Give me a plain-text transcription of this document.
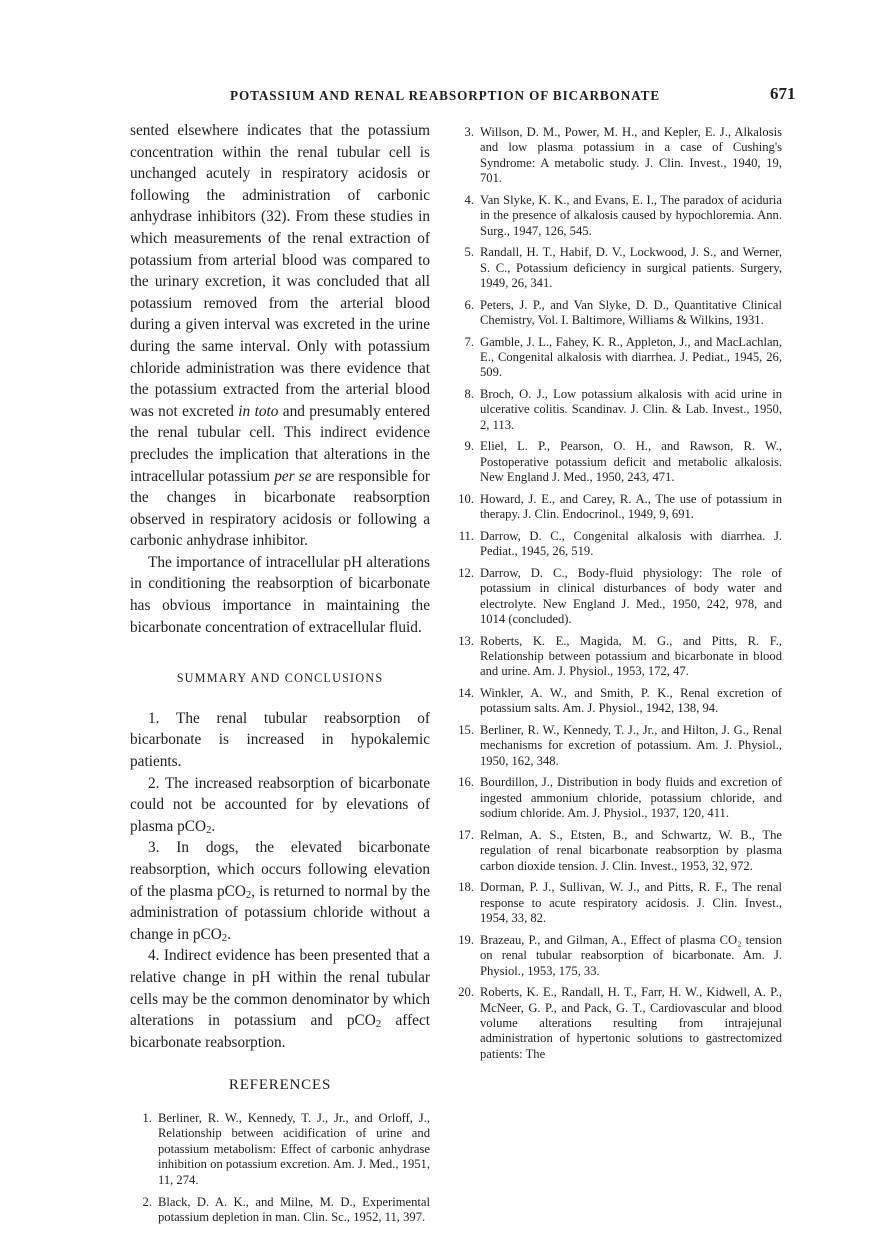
POTASSIUM AND RENAL REABSORPTION OF BICARBONATE	671

sented elsewhere indicates that the potassium concentration within the renal tubular cell is unchanged acutely in respiratory acidosis or following the administration of carbonic anhydrase inhibitors (32). From these studies in which measurements of the renal extraction of potassium from arterial blood was compared to the urinary excretion, it was concluded that all potassium removed from the arterial blood during a given interval was excreted in the urine during the same interval. Only with potassium chloride administration was there evidence that the potassium extracted from the arterial blood was not excreted in toto and presumably entered the renal tubular cell. This indirect evidence precludes the implication that alterations in the intracellular potassium per se are responsible for the changes in bicarbonate reabsorption observed in respiratory acidosis or following a carbonic anhydrase inhibitor.

The importance of intracellular pH alterations in conditioning the reabsorption of bicarbonate has obvious importance in maintaining the bicarbonate concentration of extracellular fluid.

SUMMARY AND CONCLUSIONS

1. The renal tubular reabsorption of bicarbonate is increased in hypokalemic patients.

2. The increased reabsorption of bicarbonate could not be accounted for by elevations of plasma pCO$_2$.

3. In dogs, the elevated bicarbonate reabsorption, which occurs following elevation of the plasma pCO$_2$, is returned to normal by the administration of potassium chloride without a change in pCO$_2$.

4. Indirect evidence has been presented that a relative change in pH within the renal tubular cells may be the common denominator by which alterations in potassium and pCO$_2$ affect bicarbonate reabsorption.

REFERENCES
1. Berliner, R. W., Kennedy, T. J., Jr., and Orloff, J., Relationship between acidification of urine and potassium metabolism: Effect of carbonic anhydrase inhibition on potassium excretion. Am. J. Med., 1951, 11, 274.
2. Black, D. A. K., and Milne, M. D., Experimental potassium depletion in man. Clin. Sc., 1952, 11, 397.
3. Willson, D. M., Power, M. H., and Kepler, E. J., Alkalosis and low plasma potassium in a case of Cushing's Syndrome: A metabolic study. J. Clin. Invest., 1940, 19, 701.
4. Van Slyke, K. K., and Evans, E. I., The paradox of aciduria in the presence of alkalosis caused by hypochloremia. Ann. Surg., 1947, 126, 545.
5. Randall, H. T., Habif, D. V., Lockwood, J. S., and Werner, S. C., Potassium deficiency in surgical patients. Surgery, 1949, 26, 341.
6. Peters, J. P., and Van Slyke, D. D., Quantitative Clinical Chemistry, Vol. I. Baltimore, Williams & Wilkins, 1931.
7. Gamble, J. L., Fahey, K. R., Appleton, J., and MacLachlan, E., Congenital alkalosis with diarrhea. J. Pediat., 1945, 26, 509.
8. Broch, O. J., Low potassium alkalosis with acid urine in ulcerative colitis. Scandinav. J. Clin. & Lab. Invest., 1950, 2, 113.
9. Eliel, L. P., Pearson, O. H., and Rawson, R. W., Postoperative potassium deficit and metabolic alkalosis. New England J. Med., 1950, 243, 471.
10. Howard, J. E., and Carey, R. A., The use of potassium in therapy. J. Clin. Endocrinol., 1949, 9, 691.
11. Darrow, D. C., Congenital alkalosis with diarrhea. J. Pediat., 1945, 26, 519.
12. Darrow, D. C., Body-fluid physiology: The role of potassium in clinical disturbances of body water and electrolyte. New England J. Med., 1950, 242, 978, and 1014 (concluded).
13. Roberts, K. E., Magida, M. G., and Pitts, R. F., Relationship between potassium and bicarbonate in blood and urine. Am. J. Physiol., 1953, 172, 47.
14. Winkler, A. W., and Smith, P. K., Renal excretion of potassium salts. Am. J. Physiol., 1942, 138, 94.
15. Berliner, R. W., Kennedy, T. J., Jr., and Hilton, J. G., Renal mechanisms for excretion of potassium. Am. J. Physiol., 1950, 162, 348.
16. Bourdillon, J., Distribution in body fluids and excretion of ingested ammonium chloride, potassium chloride, and sodium chloride. Am. J. Physiol., 1937, 120, 411.
17. Relman, A. S., Etsten, B., and Schwartz, W. B., The regulation of renal bicarbonate reabsorption by plasma carbon dioxide tension. J. Clin. Invest., 1953, 32, 972.
18. Dorman, P. J., Sullivan, W. J., and Pitts, R. F., The renal response to acute respiratory acidosis. J. Clin. Invest., 1954, 33, 82.
19. Brazeau, P., and Gilman, A., Effect of plasma CO₂ tension on renal tubular reabsorption of bicarbonate. Am. J. Physiol., 1953, 175, 33.
20. Roberts, K. E., Randall, H. T., Farr, H. W., Kidwell, A. P., McNeer, G. P., and Pack, G. T., Cardiovascular and blood volume alterations resulting from intrajejunal administration of hypertonic solutions to gastrectomized patients: The
